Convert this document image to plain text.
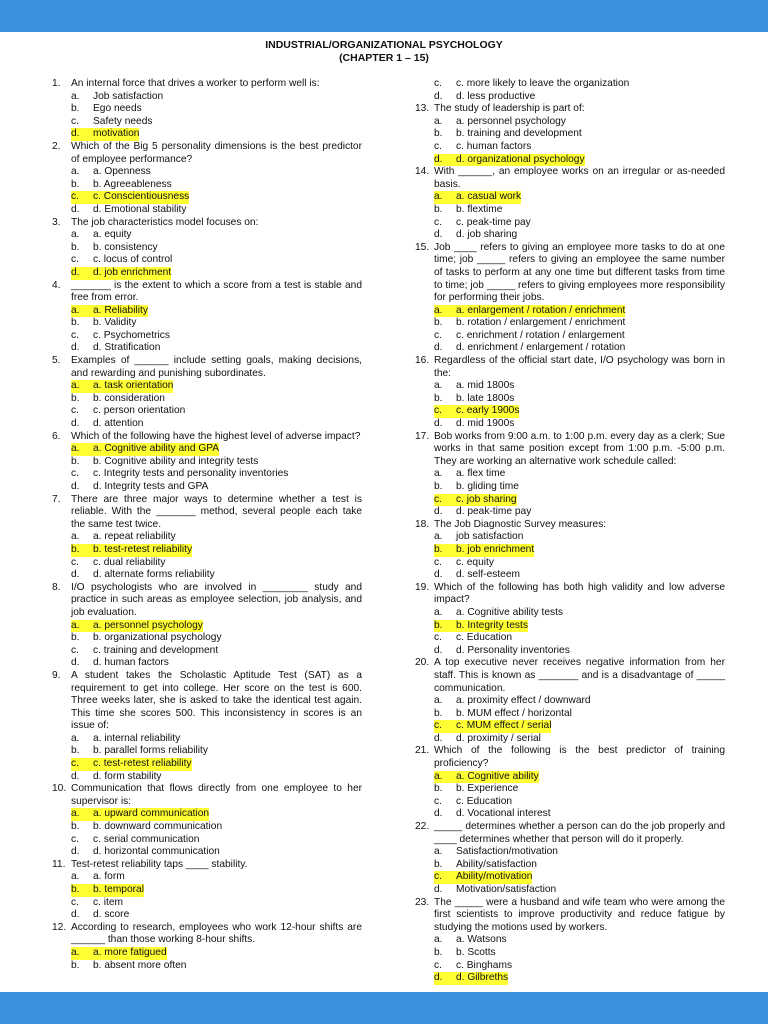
INDUSTRIAL/ORGANIZATIONAL PSYCHOLOGY
(CHAPTER 1 – 15)
1.	An internal force that drives a worker to perform well is:
a.	Job satisfaction
b.	Ego needs
c.	Safety needs
d.	motivation
2.	Which of the Big 5 personality dimensions is the best predictor of employee performance?
a.	a. Openness
b.	b. Agreeableness
c.	c. Conscientiousness
d.	d. Emotional stability
3.	The job characteristics model focuses on:
a.	a. equity
b.	b. consistency
c.	c. locus of control
d.	d. job enrichment
4.	_______ is the extent to which a score from a test is stable and free from error.
a.	a. Reliability
b.	b. Validity
c.	c. Psychometrics
d.	d. Stratification
5.	Examples of ______ include setting goals, making decisions, and rewarding and punishing subordinates.
a.	a. task orientation
b.	b. consideration
c.	c. person orientation
d.	d. attention
6.	Which of the following have the highest level of adverse impact?
a.	a. Cognitive ability and GPA
b.	b. Cognitive ability and integrity tests
c.	c. Integrity tests and personality inventories
d.	d. Integrity tests and GPA
7.	There are three major ways to determine whether a test is reliable. With the _______ method, several people each take the same test twice.
a.	a. repeat reliability
b.	b. test-retest reliability
c.	c. dual reliability
d.	d. alternate forms reliability
8.	I/O psychologists who are involved in ________ study and practice in such areas as employee selection, job analysis, and job evaluation.
a.	a. personnel psychology
b.	b. organizational psychology
c.	c. training and development
d.	d. human factors
9.	A student takes the Scholastic Aptitude Test (SAT) as a requirement to get into college. Her score on the test is 600. Three weeks later, she is asked to take the identical test again. This time she scores 500. This inconsistency in scores is an issue of:
a.	a. internal reliability
b.	b. parallel forms reliability
c.	c. test-retest reliability
d.	d. form stability
10. Communication that flows directly from one employee to her supervisor is:
a.	a. upward communication
b.	b. downward communication
c.	c. serial communication
d.	d. horizontal communication
11. Test-retest reliability taps ____ stability.
a.	a. form
b.	b. temporal
c.	c. item
d.	d. score
12. According to research, employees who work 12-hour shifts are ______ than those working 8-hour shifts.
a.	a. more fatigued
b.	b. absent more often
c.	c. more likely to leave the organization
d.	d. less productive
13. The study of leadership is part of:
a.	a. personnel psychology
b.	b. training and development
c.	c. human factors
d.	d. organizational psychology
14. With ______, an employee works on an irregular or as-needed basis.
a.	a. casual work
b.	b. flextime
c.	c. peak-time pay
d.	d. job sharing
15. Job ____ refers to giving an employee more tasks to do at one time; job _____ refers to giving an employee the same number of tasks to perform at any one time but different tasks from time to time; job _____ refers to giving employees more responsibility for performing their jobs.
a.	a. enlargement / rotation / enrichment
b.	b. rotation / enlargement / enrichment
c.	c. enrichment / rotation / enlargement
d.	d. enrichment / enlargement / rotation
16. Regardless of the official start date, I/O psychology was born in the:
a.	a. mid 1800s
b.	b. late 1800s
c.	c. early 1900s
d.	d. mid 1900s
17. Bob works from 9:00 a.m. to 1:00 p.m. every day as a clerk; Sue works in that same position except from 1:00 p.m. -5:00 p.m. They are working an alternative work schedule called:
a.	a. flex time
b.	b. gliding time
c.	c. job sharing
d.	d. peak-time pay
18. The Job Diagnostic Survey measures:
a.	job satisfaction
b.	b. job enrichment
c.	c. equity
d.	d. self-esteem
19. Which of the following has both high validity and low adverse impact?
a.	a. Cognitive ability tests
b.	b. Integrity tests
c.	c. Education
d.	d. Personality inventories
20. A top executive never receives negative information from her staff. This is known as _______ and is a disadvantage of _____ communication.
a.	a. proximity effect / downward
b.	b. MUM effect / horizontal
c.	c. MUM effect / serial
d.	d. proximity / serial
21. Which of the following is the best predictor of training proficiency?
a.	a. Cognitive ability
b.	b. Experience
c.	c. Education
d.	d. Vocational interest
22. _____ determines whether a person can do the job properly and ____ determines whether that person will do it properly.
a.	Satisfaction/motivation
b.	Ability/satisfaction
c.	Ability/motivation
d.	Motivation/satisfaction
23. The _____ were a husband and wife team who were among the first scientists to improve productivity and reduce fatigue by studying the motions used by workers.
a.	a. Watsons
b.	b. Scotts
c.	c. Binghams
d.	d. Gilbreths
